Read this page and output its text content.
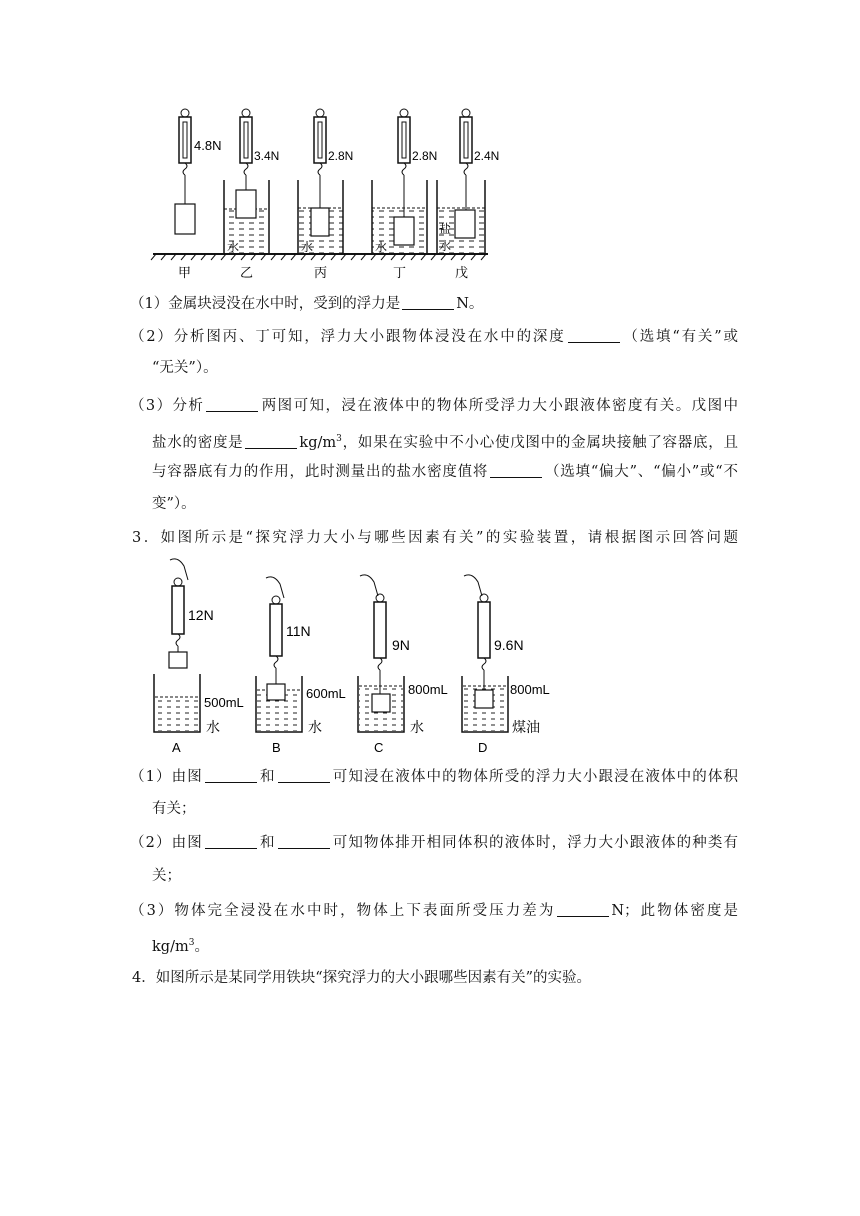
4.8N
3.4N	2.8N	2.8N	2.4N
水	水	水
盐
水
甲	乙	丙	丁	戊
（1）金属块浸没在水中时，受到的浮力是	N。
（2）分析图丙、丁可知，浮力大小跟物体浸没在水中的深度	（选填“有关”或
“无关”）。
（3）分析	两图可知，浸在液体中的物体所受浮力大小跟液体密度有关。戊图中
盐水的密度是	$kg/m^3$，如果在实验中不小心使戊图中的金属块接触了容器底，且
与容器底有力的作用，此时测量出的盐水密度值将	（选填“偏大”、“偏小”或“不
变”）。
3．如图所示是“探究浮力大小与哪些因素有关”的实验装置，请根据图示回答问题
12N
11N
9N	9.6N
500mL
600mL	800mL	800mL
水	水	水	煤油
A	B	C	D
（1）由图	和	可知浸在液体中的物体所受的浮力大小跟浸在液体中的体积
有关；
（2）由图	和	可知物体排开相同体积的液体时，浮力大小跟液体的种类有
关；
（3）物体完全浸没在水中时，物体上下表面所受压力差为	N；此物体密度是
$kg/m^3$。
4．如图所示是某同学用铁块“探究浮力的大小跟哪些因素有关”的实验。
